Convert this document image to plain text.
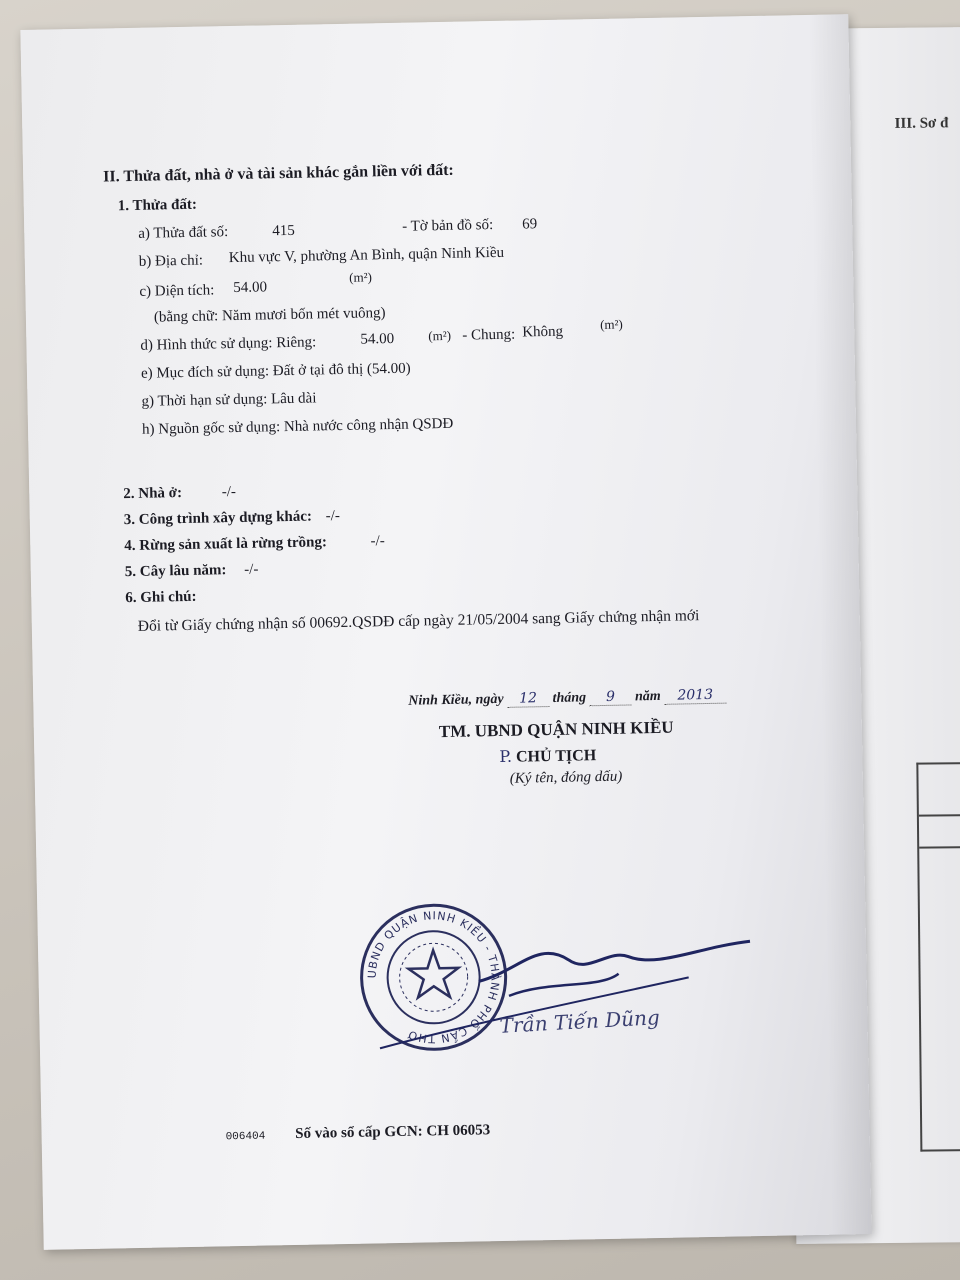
III. Sơ đ
II. Thửa đất, nhà ở và tài sản khác gắn liền với đất:
1. Thửa đất:
a) Thửa đất số:	415	- Tờ bản đồ số: 69
b) Địa chỉ: Khu vực V, phường An Bình, quận Ninh Kiều
(m²)
c) Diện tích: 54.00
(bằng chữ: Năm mươi bốn mét vuông)
d) Hình thức sử dụng: Riêng:	54.00	(m²) - Chung: Không	(m²)
e) Mục đích sử dụng: Đất ở tại đô thị (54.00)
g) Thời hạn sử dụng: Lâu dài
h) Nguồn gốc sử dụng: Nhà nước công nhận QSDĐ
2. Nhà ở:	-/-
3. Công trình xây dựng khác: -/-
4. Rừng sản xuất là rừng trồng:	-/-
5. Cây lâu năm: -/-
6. Ghi chú:
Đổi từ Giấy chứng nhận số 00692.QSDĐ cấp ngày 21/05/2004 sang Giấy chứng nhận mới
Ninh Kiều, ngày 12 tháng 9 năm 2013
TM. UBND QUẬN NINH KIỀU
P. CHỦ TỊCH
(Ký tên, đóng dấu)
UBND QUẬN NINH KIỀU - THÀNH PHỐ CẦN THƠ	Trần Tiến Dũng
006404 Số vào sổ cấp GCN: CH 06053
